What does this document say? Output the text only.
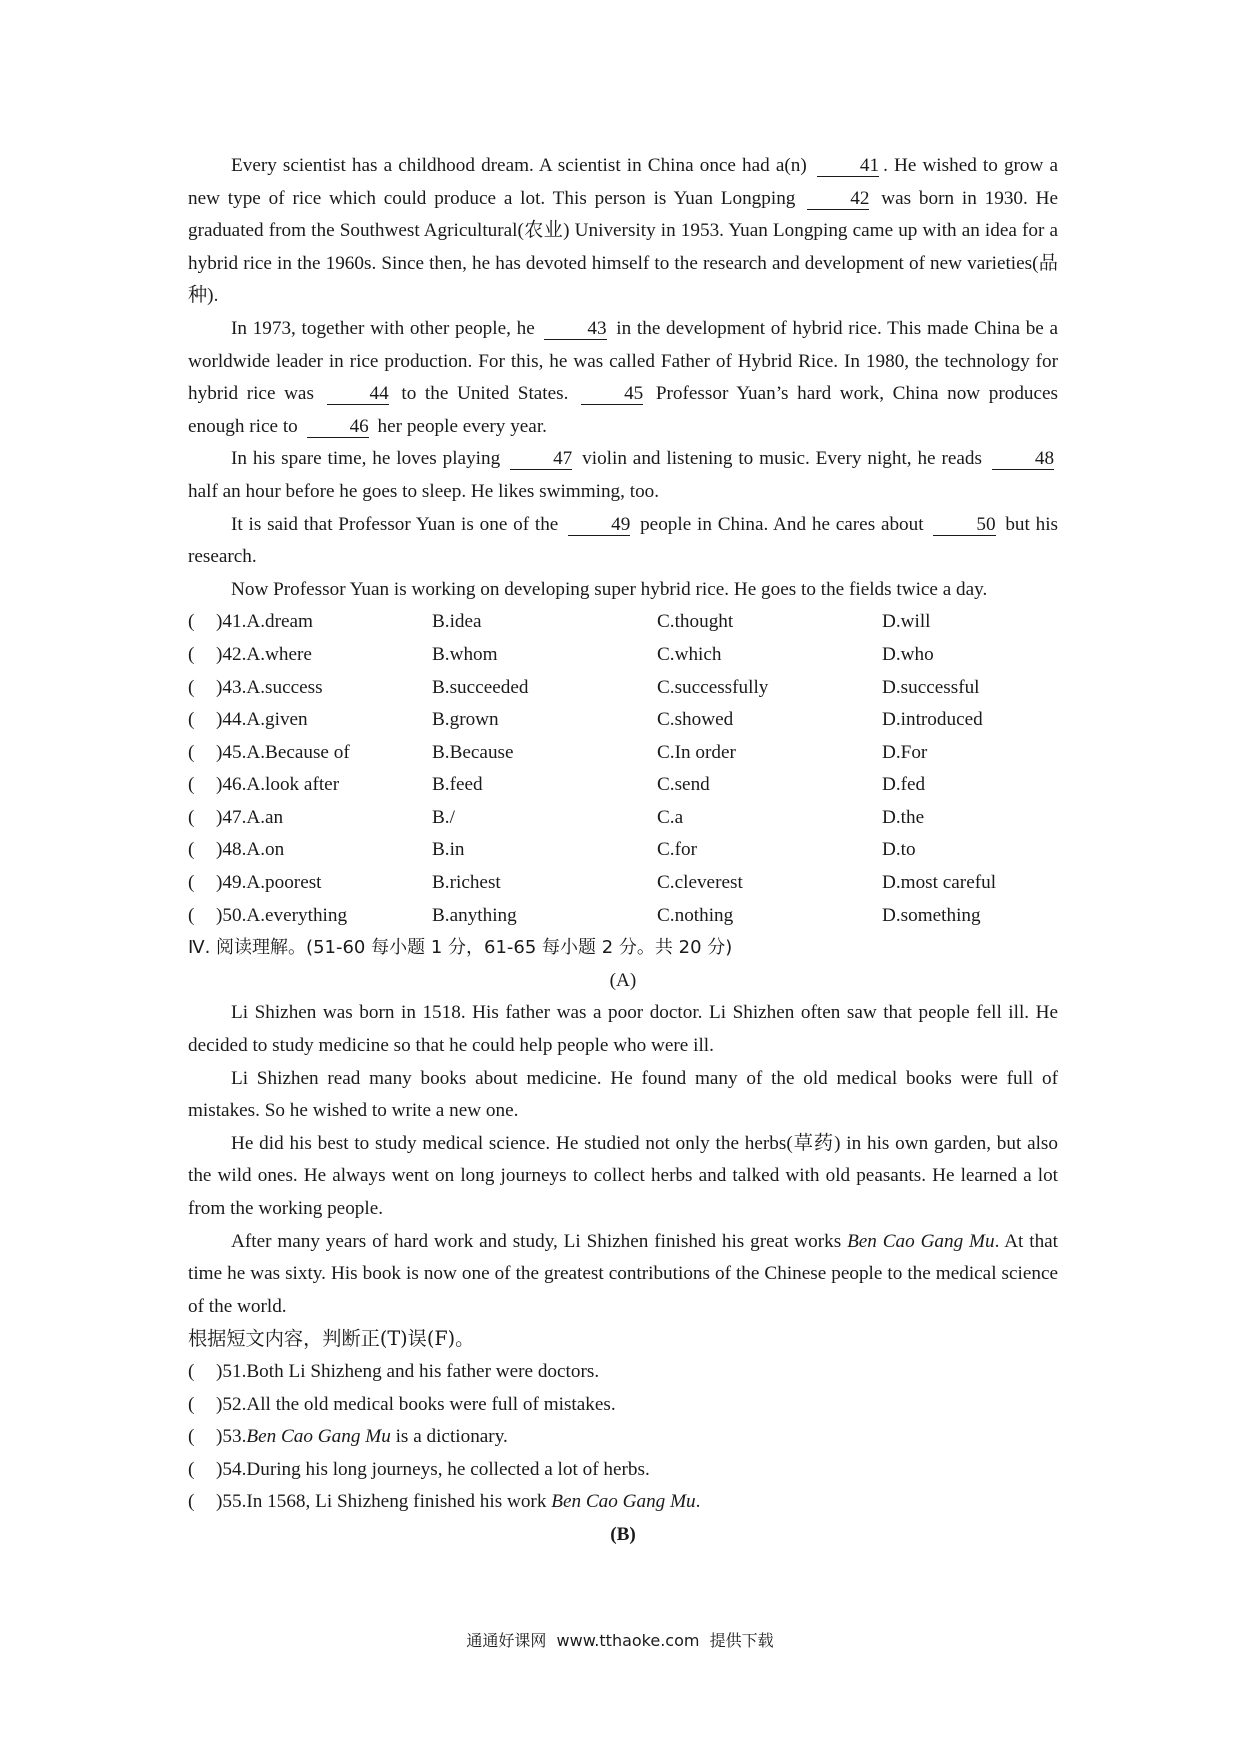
Every scientist has a childhood dream. A scientist in China once had a(n)	41 . He wished to grow a new type of rice which could produce a lot. This person is Yuan Longping	42 was born in 1930. He graduated from the Southwest Agricultural(农业) University in 1953. Yuan Longping came up with an idea for a hybrid rice in the 1960s. Since then, he has devoted himself to the research and development of new varieties(品种).

In 1973, together with other people, he	43 in the development of hybrid rice. This made China be a worldwide leader in rice production. For this, he was called Father of Hybrid Rice. In 1980, the technology for hybrid rice was	44 to the United States.	45 Professor Yuan’s hard work, China now produces enough rice to	46 her people every year.

In his spare time, he loves playing	47 violin and listening to music. Every night, he reads	48 half an hour before he goes to sleep. He likes swimming, too.

It is said that Professor Yuan is one of the	49 people in China. And he cares about	50 but his research.

Now Professor Yuan is working on developing super hybrid rice. He goes to the fields twice a day.

(	)41.A.dream	B.idea	C.thought	D.will
(	)42.A.where	B.whom	C.which	D.who
(	)43.A.success	B.succeeded	C.successfully	D.successful
(	)44.A.given	B.grown	C.showed	D.introduced
(	)45.A.Because of	B.Because	C.In order	D.For
(	)46.A.look after	B.feed	C.send	D.fed
(	)47.A.an	B./	C.a	D.the
(	)48.A.on	B.in	C.for	D.to
(	)49.A.poorest	B.richest	C.cleverest	D.most careful
(	)50.A.everything	B.anything	C.nothing	D.something
Ⅳ. 阅读理解。(51-60 每小题 1 分，61-65 每小题 2 分。共 20 分)
(A)

Li Shizhen was born in 1518. His father was a poor doctor. Li Shizhen often saw that people fell ill. He decided to study medicine so that he could help people who were ill.

Li Shizhen read many books about medicine. He found many of the old medical books were full of mistakes. So he wished to write a new one.

He did his best to study medical science. He studied not only the herbs(草药) in his own garden, but also the wild ones. He always went on long journeys to collect herbs and talked with old peasants. He learned a lot from the working people.

After many years of hard work and study, Li Shizhen finished his great works Ben Cao Gang Mu. At that time he was sixty. His book is now one of the greatest contributions of the Chinese people to the medical science of the world.

根据短文内容，判断正(T)误(F)。
(	)51.Both Li Shizheng and his father were doctors.
(	)52.All the old medical books were full of mistakes.
(	)53.Ben Cao Gang Mu is a dictionary.
(	)54.During his long journeys, he collected a lot of herbs.
(	)55.In 1568, Li Shizheng finished his work Ben Cao Gang Mu.
(B)
通通好课网  www.tthaoke.com  提供下载
